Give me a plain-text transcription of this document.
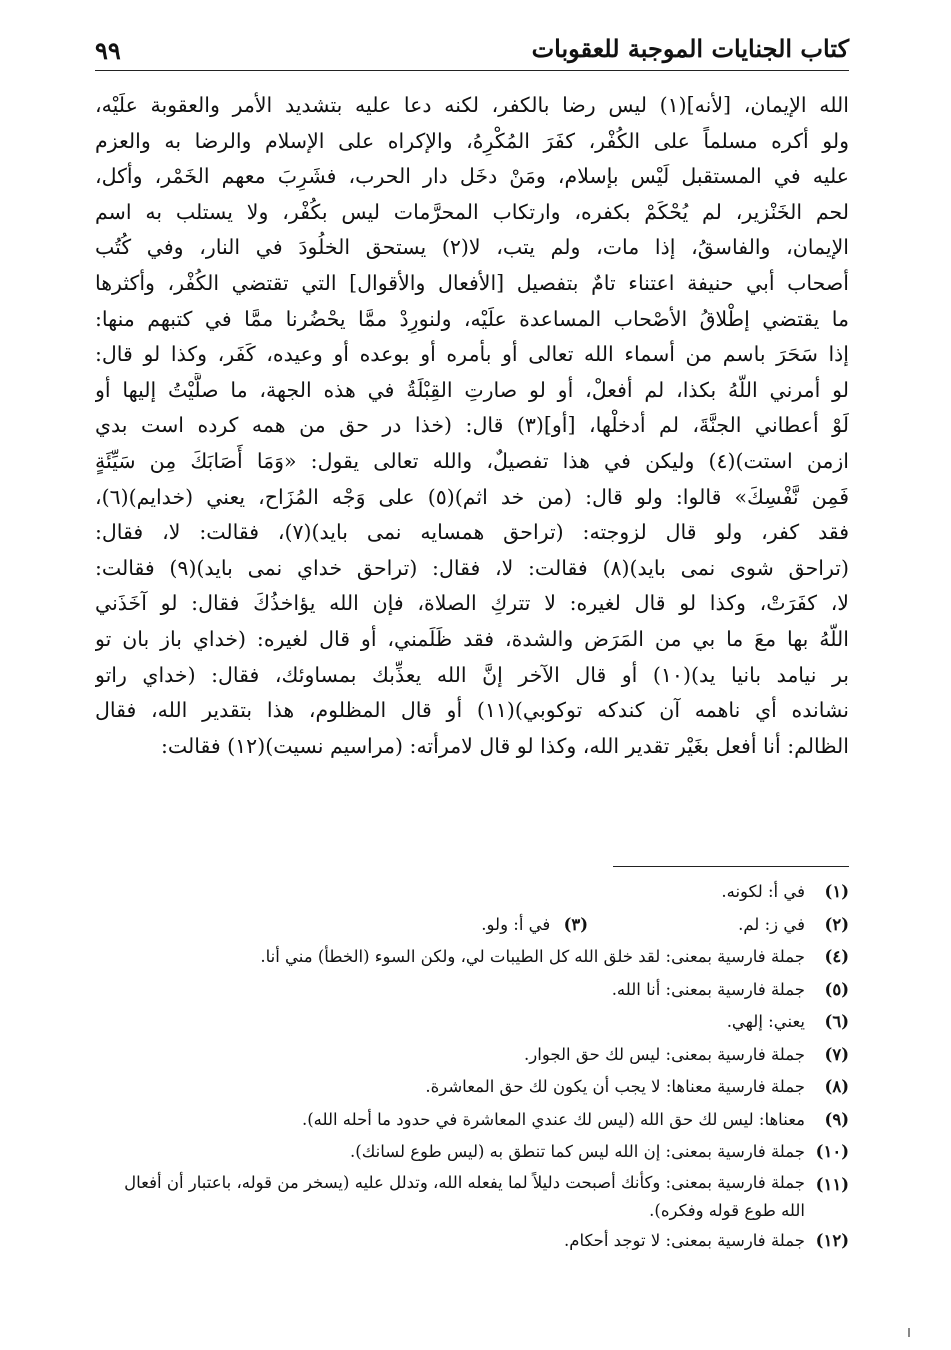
كتاب الجنايات الموجبة للعقوبات
٩٩
الله الإيمان، [لأنه](١) ليس رضا بالكفر، لكنه دعا عليه بتشديد الأمر والعقوبة علَيْه،
ولو أكره مسلماً على الكُفْر، كفَرَ المُكْرِهُ، والإكراه على الإسلام والرضا به والعزم
عليه في المستقبل لَيْس بإسلام، ومَنْ دخَل دار الحرب، فشَرِبَ معهم الخَمْر، وأكل،
لحم الخَنْزير، لم يُحْكَمْ بكفره، وارتكاب المحرَّمات ليس بكُفْر، ولا يستلب به اسم
الإيمان، والفاسقُ، إذا مات، ولم يتب، لا(٢) يستحق الخلُودَ في النار، وفي كُتُب
أصحاب أبي حنيفة اعتناء تامٌ بتفصيل [الأفعال والأقوال] التي تقتضي الكُفْر، وأكثرها
ما يقتضي إطْلاقُ الأصْحاب المساعدة علَيْه، ولنورِدْ ممَّا يحْضُرنا ممَّا في كتبهم منها:
إذا سَحَرَ باسم من أسماء الله تعالى أو بأمره أو بوعده أو وعيده، كَفَر، وكذا لو قال:
لو أمرني اللّهُ بكذا، لم أفعلْ، أو لو صارتِ القِبْلَةُ في هذه الجهة، ما صلَّيْتُ إليها أو
لَوْ أعطاني الجنَّةَ، لم أدخلْها، [أو](٣) قال: (خذا در حق من همه كرده است بدي
ازمن استت)(٤) وليكن في هذا تفصيلٌ، والله تعالى يقول: «وَمَا أَصَابَكَ مِن سَيِّئَةٍ
فَمِن نَّفْسِكَ» قالوا: ولو قال: (من خد اثم)(٥) على وَجْه المُزَاح، يعني (خدايم)(٦)،
فقد كفر، ولو قال لزوجته: (تراحق همسايه نمى بايد)(٧)، فقالت: لا، فقال:
(تراحق شوى نمى بايد)(٨) فقالت: لا، فقال: (تراحق خداي نمى بايد)(٩) فقالت:
لا، كفَرَتْ، وكذا لو قال لغيره: لا تتركِ الصلاة، فإن الله يؤاخذُكَ فقال: لو آخَذَني
اللّهُ بها معَ ما بي من المَرَض والشدة، فقد ظَلَمني، أو قال لغيره: (خداي باز بان تو
بر نيامد بانيا يد)(١٠) أو قال الآخر إنَّ الله يعذِّبك بمساوئك، فقال: (خداي راتو
نشانده أي ناهمه آن كندكه توكوبي)(١١) أو قال المظلوم، هذا بتقدير الله، فقال
الظالم: أنا أفعل بغَيْر تقدير الله، وكذا لو قال لامرأته: (مراسيم نسيت)(١٢) فقالت:
(١)
في أ: لكونه.
(٢)
في ز: لم.
(٣) في أ: ولو.
(٤)
جملة فارسية بمعنى: لقد خلق الله كل الطيبات لي، ولكن السوء (الخطأ) مني أنا.
(٥)
جملة فارسية بمعنى: أنا الله.
(٦)
يعني: إلهي.
(٧)
جملة فارسية بمعنى: ليس لك حق الجوار.
(٨)
جملة فارسية معناها: لا يجب أن يكون لك حق المعاشرة.
(٩)
معناها: ليس لك حق الله (ليس لك عندي المعاشرة في حدود ما أحله الله).
(١٠)
جملة فارسية بمعنى: إن الله ليس كما تنطق به (ليس طوع لسانك).
(١١)
جملة فارسية بمعنى: وكأنك أصبحت دليلاً لما يفعله الله، وتدلل عليه (يسخر من قوله، باعتبار أن أفعال الله طوع قوله وفكره).
(١٢)
جملة فارسية بمعنى: لا توجد أحكام.
